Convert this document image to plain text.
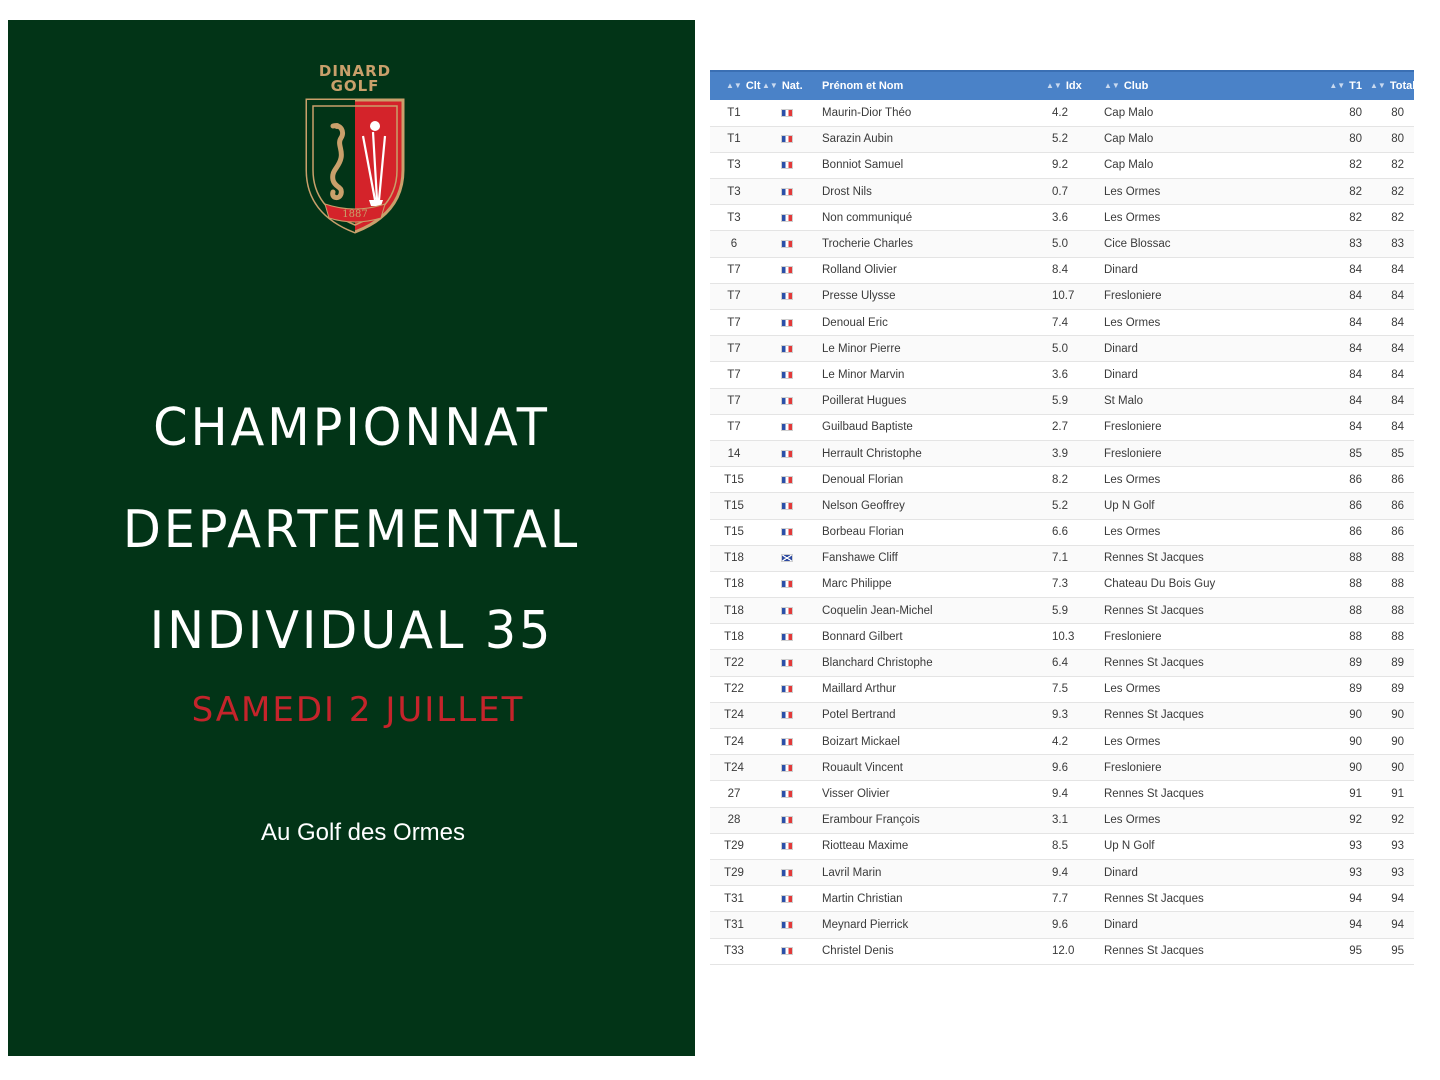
DINARD
GOLF
1887
CHAMPIONNAT
DEPARTEMENTAL
INDIVIDUAL 35
SAMEDI 2 JUILLET
Au Golf des Ormes
▲▼ Clt	▲▼ Nat.	Prénom et Nom	▲▼ Idx	▲▼ Club	▲▼ T1	▲▼ Total
T1		Maurin-Dior Théo	4.2	Cap Malo	80	80
T1		Sarazin Aubin	5.2	Cap Malo	80	80
T3		Bonniot Samuel	9.2	Cap Malo	82	82
T3		Drost Nils	0.7	Les Ormes	82	82
T3		Non communiqué	3.6	Les Ormes	82	82
6		Trocherie Charles	5.0	Cice Blossac	83	83
T7		Rolland Olivier	8.4	Dinard	84	84
T7		Presse Ulysse	10.7	Fresloniere	84	84
T7		Denoual Eric	7.4	Les Ormes	84	84
T7		Le Minor Pierre	5.0	Dinard	84	84
T7		Le Minor Marvin	3.6	Dinard	84	84
T7		Poillerat Hugues	5.9	St Malo	84	84
T7		Guilbaud Baptiste	2.7	Fresloniere	84	84
14		Herrault Christophe	3.9	Fresloniere	85	85
T15		Denoual Florian	8.2	Les Ormes	86	86
T15		Nelson Geoffrey	5.2	Up N Golf	86	86
T15		Borbeau Florian	6.6	Les Ormes	86	86
T18		Fanshawe Cliff	7.1	Rennes St Jacques	88	88
T18		Marc Philippe	7.3	Chateau Du Bois Guy	88	88
T18		Coquelin Jean-Michel	5.9	Rennes St Jacques	88	88
T18		Bonnard Gilbert	10.3	Fresloniere	88	88
T22		Blanchard Christophe	6.4	Rennes St Jacques	89	89
T22		Maillard Arthur	7.5	Les Ormes	89	89
T24		Potel Bertrand	9.3	Rennes St Jacques	90	90
T24		Boizart Mickael	4.2	Les Ormes	90	90
T24		Rouault Vincent	9.6	Fresloniere	90	90
27		Visser Olivier	9.4	Rennes St Jacques	91	91
28		Erambour François	3.1	Les Ormes	92	92
T29		Riotteau Maxime	8.5	Up N Golf	93	93
T29		Lavril Marin	9.4	Dinard	93	93
T31		Martin Christian	7.7	Rennes St Jacques	94	94
T31		Meynard Pierrick	9.6	Dinard	94	94
T33		Christel Denis	12.0	Rennes St Jacques	95	95
